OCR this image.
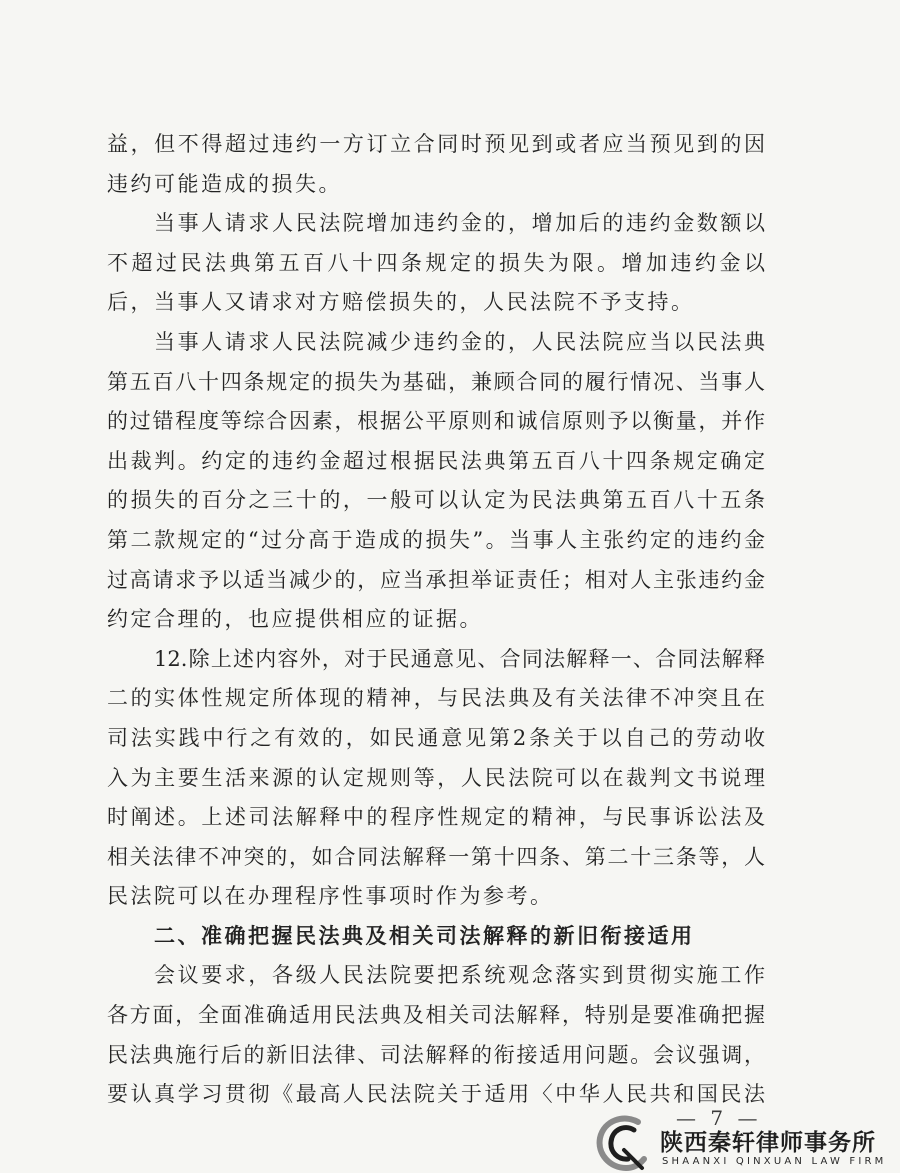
益，但不得超过违约一方订立合同时预见到或者应当预见到的因
违约可能造成的损失。
当事人请求人民法院增加违约金的，增加后的违约金数额以
不超过民法典第五百八十四条规定的损失为限。增加违约金以
后，当事人又请求对方赔偿损失的，人民法院不予支持。
当事人请求人民法院减少违约金的，人民法院应当以民法典
第五百八十四条规定的损失为基础，兼顾合同的履行情况、当事人
的过错程度等综合因素，根据公平原则和诚信原则予以衡量，并作
出裁判。约定的违约金超过根据民法典第五百八十四条规定确定
的损失的百分之三十的，一般可以认定为民法典第五百八十五条
第二款规定的“过分高于造成的损失”。当事人主张约定的违约金
过高请求予以适当减少的，应当承担举证责任；相对人主张违约金
约定合理的，也应提供相应的证据。
12.除上述内容外，对于民通意见、合同法解释一、合同法解释
二的实体性规定所体现的精神，与民法典及有关法律不冲突且在
司法实践中行之有效的，如民通意见第2条关于以自己的劳动收
入为主要生活来源的认定规则等，人民法院可以在裁判文书说理
时阐述。上述司法解释中的程序性规定的精神，与民事诉讼法及
相关法律不冲突的，如合同法解释一第十四条、第二十三条等，人
民法院可以在办理程序性事项时作为参考。
二、准确把握民法典及相关司法解释的新旧衔接适用
会议要求，各级人民法院要把系统观念落实到贯彻实施工作
各方面，全面准确适用民法典及相关司法解释，特别是要准确把握
民法典施行后的新旧法律、司法解释的衔接适用问题。会议强调，
要认真学习贯彻《最高人民法院关于适用〈中华人民共和国民法
— 7 —
陕西秦轩律师事务所
SHAANXI QINXUAN LAW FIRM
